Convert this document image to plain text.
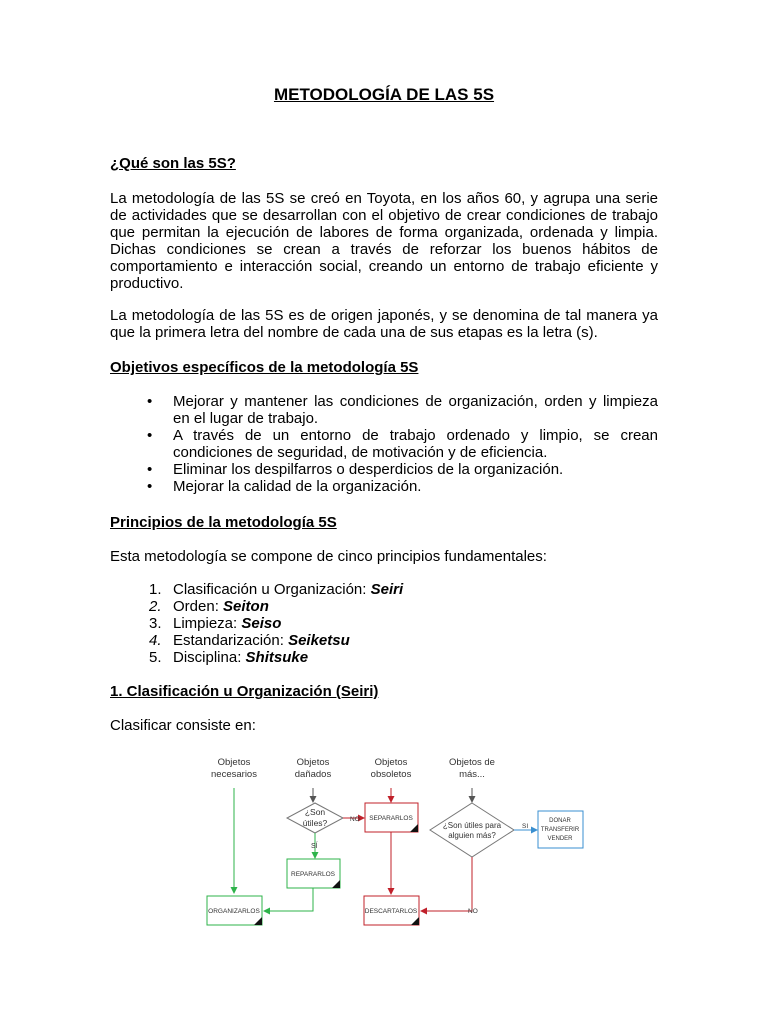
METODOLOGÍA DE LAS 5S
¿Qué son las 5S?
La metodología de las 5S se creó en Toyota, en los años 60, y agrupa una serie
de actividades que se desarrollan con el objetivo de crear condiciones de trabajo
que permitan la ejecución de labores de forma organizada, ordenada y limpia.
Dichas condiciones se crean a través de reforzar los buenos hábitos de
comportamiento e interacción social, creando un entorno de trabajo eficiente y
productivo.
La metodología de las 5S es de origen japonés, y se denomina de tal manera ya
que la primera letra del nombre de cada una de sus etapas es la letra (s).
Objetivos específicos de la metodología 5S
• Mejorar y mantener las condiciones de organización, orden y limpieza en el lugar de trabajo.
• A través de un entorno de trabajo ordenado y limpio, se crean condiciones de seguridad, de motivación y de eficiencia.
• Eliminar los despilfarros o desperdicios de la organización.
• Mejorar la calidad de la organización.
Principios de la metodología 5S
Esta metodología se compone de cinco principios fundamentales:
1. Clasificación u Organización: Seiri
2. Orden: Seiton
3. Limpieza: Seiso
4. Estandarización: Seiketsu
5. Disciplina: Shitsuke
1. Clasificación u Organización (Seiri)
Clasificar consiste en:
Objetos
necesarios
Objetos
dañados
Objetos
obsoletos
Objetos de
más...
¿Son
útiles?	NO
SÍ
REPARARLOS
ORGANIZARLOS
SEPARARLOS
DESCARTARLOS
¿Son útiles para
alguien más?
SI
DONAR
TRANSFERIR
VENDER
NO
